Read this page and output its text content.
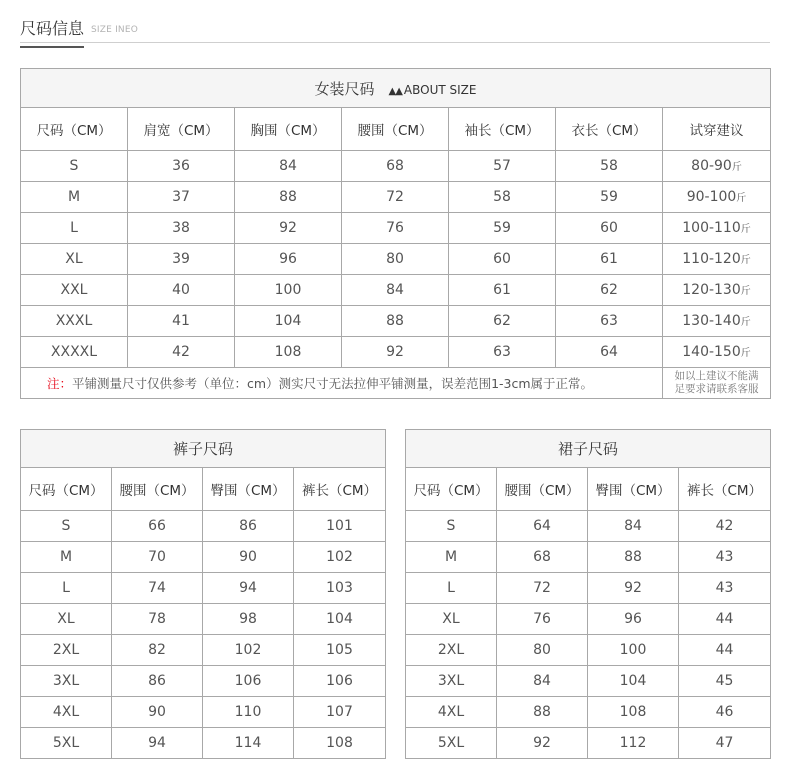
尺码信息 SIZE INEO
女装尺码 ▲▲ ABOUT SIZE						
尺码（CM）	肩宽（CM）	胸围（CM）	腰围（CM）	袖长（CM）	衣长（CM）	试穿建议
S	36	84	68	57	58	80-90斤
M	37	88	72	58	59	90-100斤
L	38	92	76	59	60	100-110斤
XL	39	96	80	60	61	110-120斤
XXL	40	100	84	61	62	120-130斤
XXXL	41	104	88	62	63	130-140斤
XXXXL	42	108	92	63	64	140-150斤
注：平铺测量尺寸仅供参考（单位：cm）测实尺寸无法拉伸平铺测量，误差范围1-3cm属于正常。						如以上建议不能满
足要求请联系客服
裤子尺码			
尺码（CM）	腰围（CM）	臀围（CM）	裤长（CM）
S	66	86	101
M	70	90	102
L	74	94	103
XL	78	98	104
2XL	82	102	105
3XL	86	106	106
4XL	90	110	107
5XL	94	114	108
裙子尺码			
尺码（CM）	腰围（CM）	臀围（CM）	裤长（CM）
S	64	84	42
M	68	88	43
L	72	92	43
XL	76	96	44
2XL	80	100	44
3XL	84	104	45
4XL	88	108	46
5XL	92	112	47
